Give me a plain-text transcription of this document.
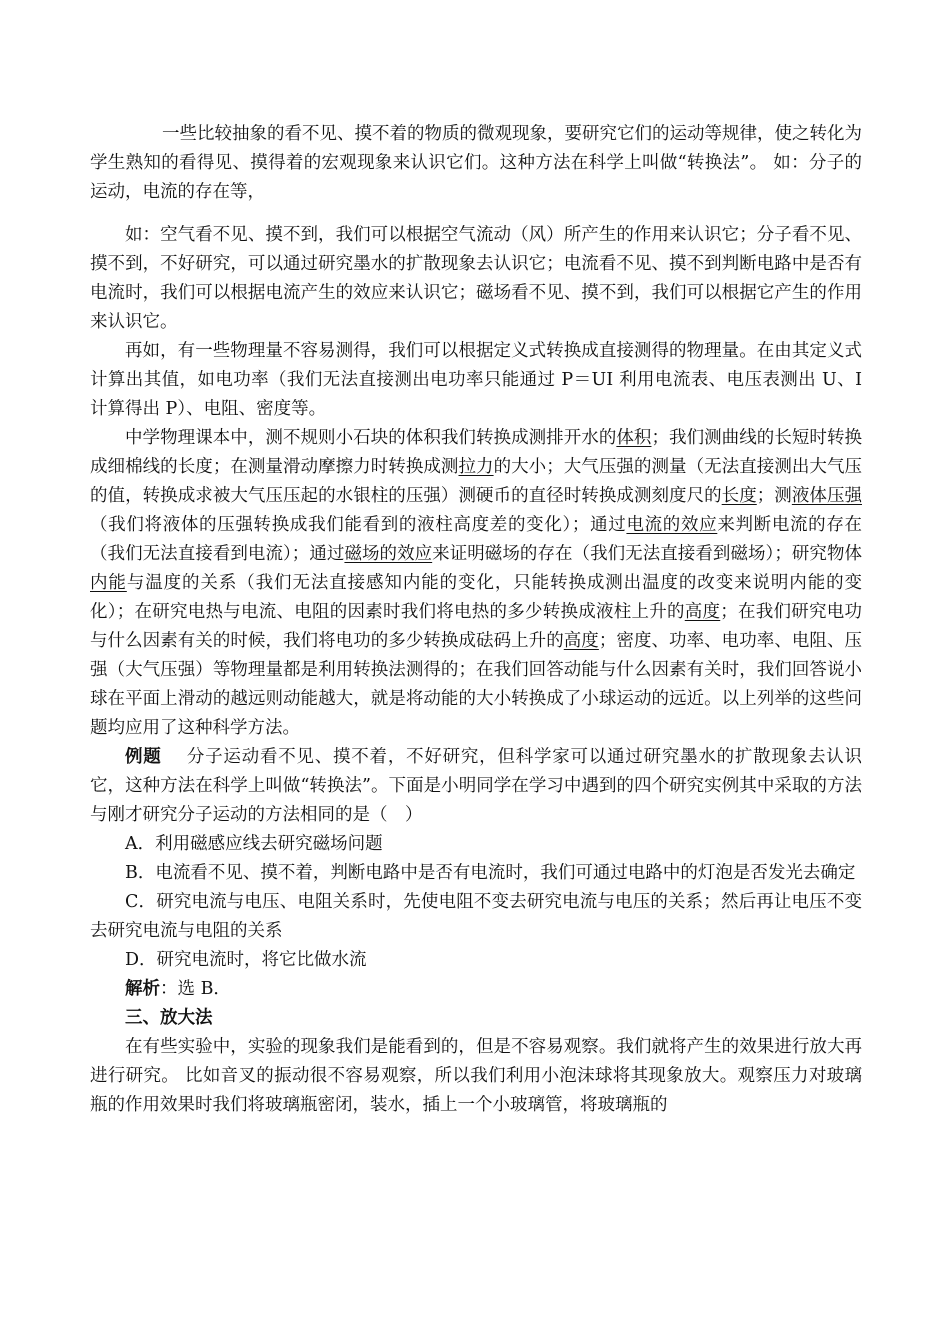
一些比较抽象的看不见、摸不着的物质的微观现象，要研究它们的运动等规律，使之转化为学生熟知的看得见、摸得着的宏观现象来认识它们。这种方法在科学上叫做“转换法”。 如：分子的运动，电流的存在等，

如：空气看不见、摸不到，我们可以根据空气流动（风）所产生的作用来认识它；分子看不见、摸不到，不好研究，可以通过研究墨水的扩散现象去认识它；电流看不见、摸不到判断电路中是否有电流时，我们可以根据电流产生的效应来认识它；磁场看不见、摸不到，我们可以根据它产生的作用来认识它。

再如，有一些物理量不容易测得，我们可以根据定义式转换成直接测得的物理量。在由其定义式计算出其值，如电功率（我们无法直接测出电功率只能通过 P＝UI 利用电流表、电压表测出 U、I 计算得出 P）、电阻、密度等。

中学物理课本中，测不规则小石块的体积我们转换成测排开水的体积；我们测曲线的长短时转换成细棉线的长度；在测量滑动摩擦力时转换成测拉力的大小；大气压强的测量（无法直接测出大气压的值，转换成求被大气压压起的水银柱的压强）测硬币的直径时转换成测刻度尺的长度；测液体压强（我们将液体的压强转换成我们能看到的液柱高度差的变化）；通过电流的效应来判断电流的存在（我们无法直接看到电流）；通过磁场的效应来证明磁场的存在（我们无法直接看到磁场）；研究物体内能与温度的关系（我们无法直接感知内能的变化，只能转换成测出温度的改变来说明内能的变化）；在研究电热与电流、电阻的因素时我们将电热的多少转换成液柱上升的高度；在我们研究电功与什么因素有关的时候，我们将电功的多少转换成砝码上升的高度；密度、功率、电功率、电阻、压强（大气压强）等物理量都是利用转换法测得的；在我们回答动能与什么因素有关时，我们回答说小球在平面上滑动的越远则动能越大，就是将动能的大小转换成了小球运动的远近。以上列举的这些问题均应用了这种科学方法。

例题 分子运动看不见、摸不着，不好研究，但科学家可以通过研究墨水的扩散现象去认识它，这种方法在科学上叫做“转换法”。下面是小明同学在学习中遇到的四个研究实例其中采取的方法与刚才研究分子运动的方法相同的是（　）

A．利用磁感应线去研究磁场问题

B．电流看不见、摸不着，判断电路中是否有电流时，我们可通过电路中的灯泡是否发光去确定

C．研究电流与电压、电阻关系时，先使电阻不变去研究电流与电压的关系；然后再让电压不变去研究电流与电阻的关系

D．研究电流时，将它比做水流

解析：选 B．

三、放大法

在有些实验中，实验的现象我们是能看到的，但是不容易观察。我们就将产生的效果进行放大再进行研究。 比如音叉的振动很不容易观察，所以我们利用小泡沫球将其现象放大。观察压力对玻璃瓶的作用效果时我们将玻璃瓶密闭，装水，插上一个小玻璃管，将玻璃瓶的
